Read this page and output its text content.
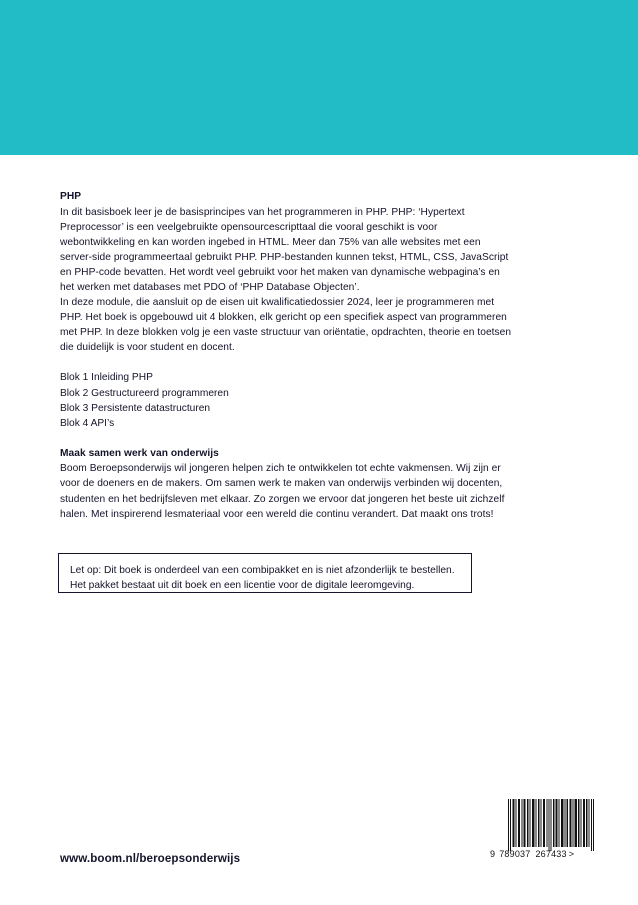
PHP

In dit basisboek leer je de basisprincipes van het programmeren in PHP. PHP: ‘Hypertext Preprocessor’ is een veelgebruikte opensourcescripttaal die vooral geschikt is voor webontwikkeling en kan worden ingebed in HTML. Meer dan 75% van alle websites met een server-side programmeertaal gebruikt PHP. PHP-bestanden kunnen tekst, HTML, CSS, JavaScript en PHP-code bevatten. Het wordt veel gebruikt voor het maken van dynamische webpagina’s en het werken met databases met PDO of ‘PHP Database Objecten’.

In deze module, die aansluit op de eisen uit kwalificatiedossier 2024, leer je programmeren met PHP. Het boek is opgebouwd uit 4 blokken, elk gericht op een specifiek aspect van programmeren met PHP. In deze blokken volg je een vaste structuur van oriëntatie, opdrachten, theorie en toetsen die duidelijk is voor student en docent.

Blok 1 Inleiding PHP
Blok 2 Gestructureerd programmeren
Blok 3 Persistente datastructuren
Blok 4 API’s
Maak samen werk van onderwijs

Boom Beroepsonderwijs wil jongeren helpen zich te ontwikkelen tot echte vakmensen. Wij zijn er voor de doeners en de makers. Om samen werk te maken van onderwijs verbinden wij docenten, studenten en het bedrijfsleven met elkaar. Zo zorgen we ervoor dat jongeren het beste uit zichzelf halen. Met inspirerend lesmateriaal voor een wereld die continu verandert. Dat maakt ons trots!

Let op: Dit boek is onderdeel van een combipakket en is niet afzonderlijk te bestellen.

Het pakket bestaat uit dit boek en een licentie voor de digitale leeromgeving.

www.boom.nl/beroepsonderwijs	9 789037 267433 >
